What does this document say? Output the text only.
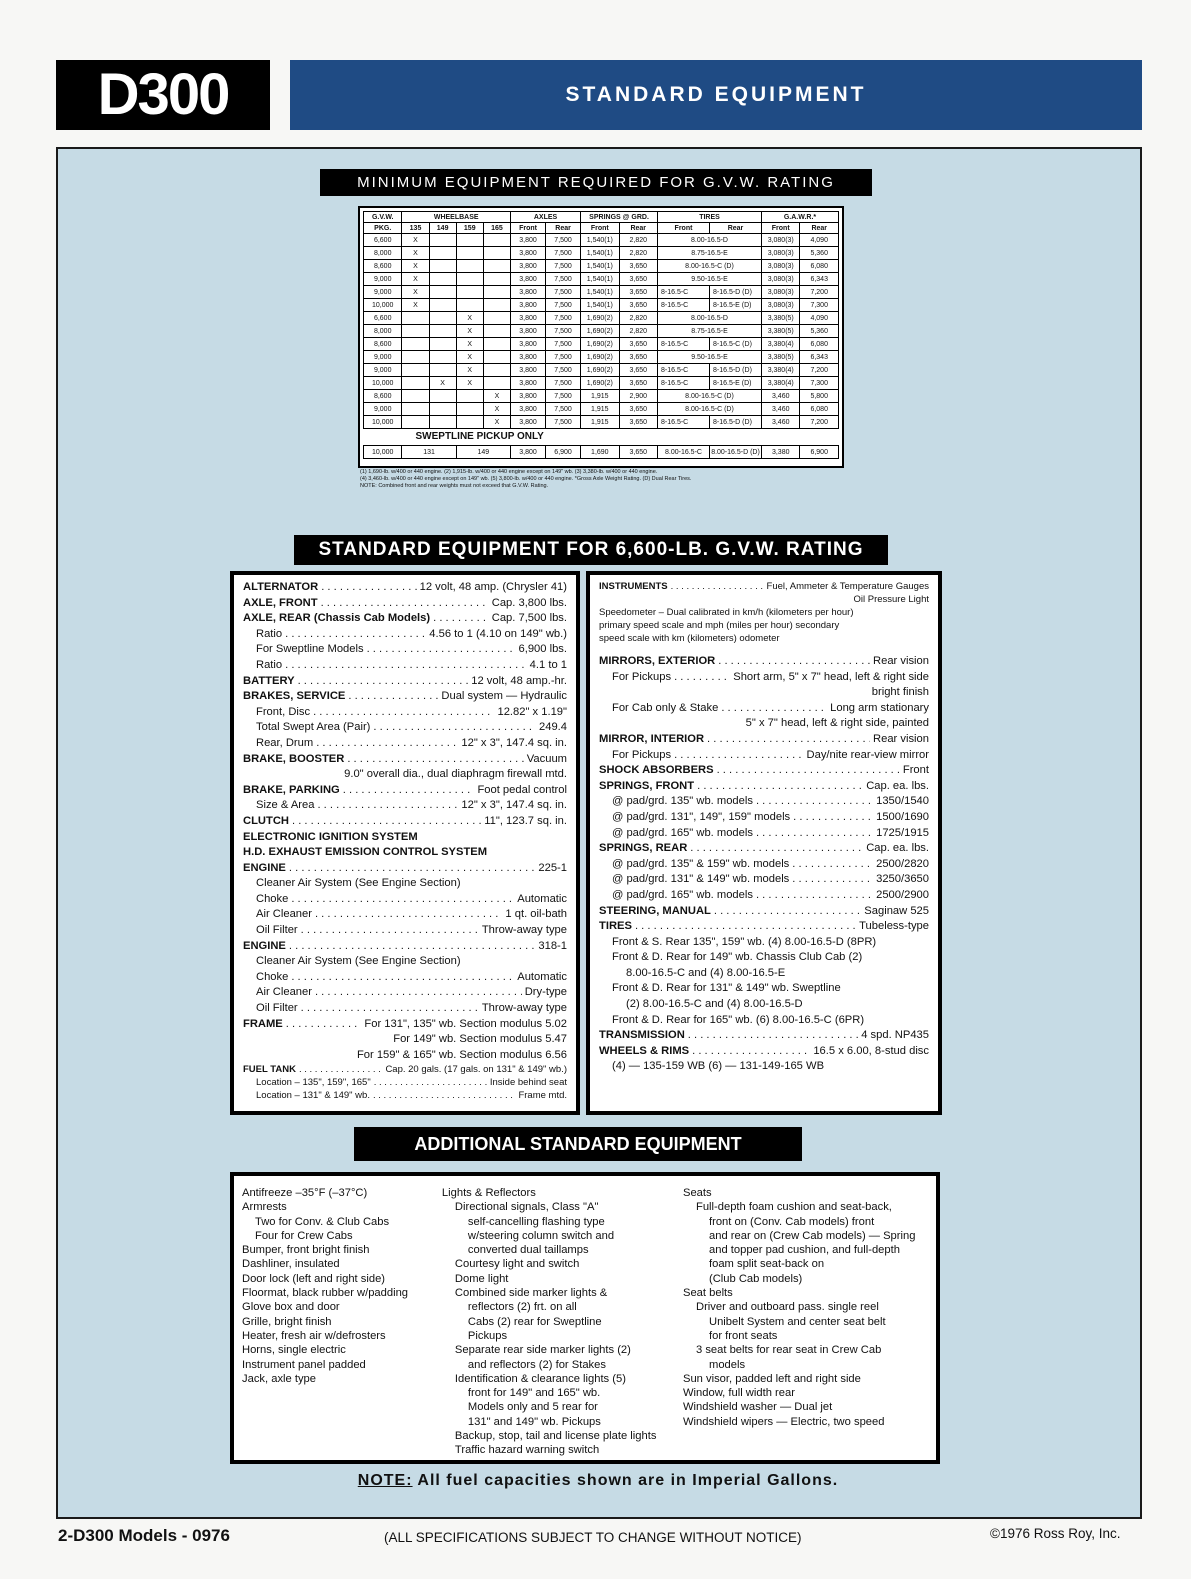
D300	STANDARD EQUIPMENT
MINIMUM EQUIPMENT REQUIRED FOR G.V.W. RATING
G.V.W.	WHEELBASE				AXLES		SPRINGS @ GRD.		TIRES		G.A.W.R.*	
PKG.	135	149	159	165	Front	Rear	Front	Rear	Front	Rear	Front	Rear
6,600	X				3,800	7,500	1,540(1)	2,820	8.00-16.5-D		3,080(3)	4,090
8,000	X				3,800	7,500	1,540(1)	2,820	8.75-16.5-E		3,080(3)	5,360
8,600	X				3,800	7,500	1,540(1)	3,650	8.00-16.5-C (D)		3,080(3)	6,080
9,000	X				3,800	7,500	1,540(1)	3,650	9.50-16.5-E		3,080(3)	6,343
9,000	X				3,800	7,500	1,540(1)	3,650	8-16.5-C	8-16.5-D (D)	3,080(3)	7,200
10,000	X				3,800	7,500	1,540(1)	3,650	8-16.5-C	8-16.5-E (D)	3,080(3)	7,300
6,600			X		3,800	7,500	1,690(2)	2,820	8.00-16.5-D		3,380(5)	4,090
8,000			X		3,800	7,500	1,690(2)	2,820	8.75-16.5-E		3,380(5)	5,360
8,600			X		3,800	7,500	1,690(2)	3,650	8-16.5-C	8-16.5-C (D)	3,380(4)	6,080
9,000			X		3,800	7,500	1,690(2)	3,650	9.50-16.5-E		3,380(5)	6,343
9,000			X		3,800	7,500	1,690(2)	3,650	8-16.5-C	8-16.5-D (D)	3,380(4)	7,200
10,000		X	X		3,800	7,500	1,690(2)	3,650	8-16.5-C	8-16.5-E (D)	3,380(4)	7,300
8,600				X	3,800	7,500	1,915	2,900	8.00-16.5-C (D)		3,460	5,800
9,000				X	3,800	7,500	1,915	3,650	8.00-16.5-C (D)		3,460	6,080
10,000				X	3,800	7,500	1,915	3,650	8-16.5-C	8-16.5-D (D)	3,460	7,200
SWEPTLINE PICKUP ONLY												
10,000	131		149		3,800	6,900	1,690	3,650	8.00-16.5-C	8.00-16.5-D (D)	3,380	6,900
(1) 1,690-lb. w/400 or 440 engine. (2) 1,915-lb. w/400 or 440 engine except on 149" wb. (3) 3,380-lb. w/400 or 440 engine.
(4) 3,460-lb. w/400 or 440 engine except on 149" wb. (5) 3,800-lb. w/400 or 440 engine. *Gross Axle Weight Rating. (D) Dual Rear Tires.
NOTE: Combined front and rear weights must not exceed that G.V.W. Rating.
STANDARD EQUIPMENT FOR 6,600-LB. G.V.W. RATING
ALTERNATOR . . .	12 volt, 48 amp. (Chrysler 41)
AXLE, FRONT . . .	Cap. 3,800 lbs.
AXLE, REAR (Chassis Cab Models) . . .	Cap. 7,500 lbs.
Ratio . . .	4.56 to 1 (4.10 on 149" wb.)
For Sweptline Models . . .	6,900 lbs.
Ratio . . .	4.1 to 1
BATTERY . . .	12 volt, 48 amp.-hr.
BRAKES, SERVICE . . .	Dual system — Hydraulic
Front, Disc . . .	12.82" x 1.19"
Total Swept Area (Pair) . . .	249.4
Rear, Drum . . .	12" x 3", 147.4 sq. in.
BRAKE, BOOSTER . . .	Vacuum
9.0" overall dia., dual diaphragm firewall mtd.
BRAKE, PARKING . . .	Foot pedal control
Size & Area . . .	12" x 3", 147.4 sq. in.
CLUTCH . . .	11", 123.7 sq. in.
ELECTRONIC IGNITION SYSTEM
H.D. EXHAUST EMISSION CONTROL SYSTEM
ENGINE . . .	225-1
Cleaner Air System (See Engine Section)
Choke . . .	Automatic
Air Cleaner . . .	1 qt. oil-bath
Oil Filter . . .	Throw-away type
ENGINE . . .	318-1
Cleaner Air System (See Engine Section)
Choke . . .	Automatic
Air Cleaner . . .	Dry-type
Oil Filter . . .	Throw-away type
FRAME . . .	For 131", 135" wb. Section modulus 5.02
For 149" wb. Section modulus 5.47
For 159" & 165" wb. Section modulus 6.56
FUEL TANK . . .	Cap. 20 gals. (17 gals. on 131" & 149" wb.)
Location – 135", 159", 165" . . .	Inside behind seat
Location – 131" & 149" wb. . . .	Frame mtd.
INSTRUMENTS . . .	Fuel, Ammeter & Temperature Gauges
Oil Pressure Light
Speedometer – Dual calibrated in km/h (kilometers per hour)
primary speed scale and mph (miles per hour) secondary
speed scale with km (kilometers) odometer
MIRRORS, EXTERIOR . . .	Rear vision
For Pickups . . .	Short arm, 5" x 7" head, left & right side
bright finish
For Cab only & Stake . . .	Long arm stationary
5" x 7" head, left & right side, painted
MIRROR, INTERIOR . . .	Rear vision
For Pickups . . .	Day/nite rear-view mirror
SHOCK ABSORBERS . . .	Front
SPRINGS, FRONT . . .	Cap. ea. lbs.
@ pad/grd. 135" wb. models . . .	1350/1540
@ pad/grd. 131", 149", 159" models . . .	1500/1690
@ pad/grd. 165" wb. models . . .	1725/1915
SPRINGS, REAR . . .	Cap. ea. lbs.
@ pad/grd. 135" & 159" wb. models . . .	2500/2820
@ pad/grd. 131" & 149" wb. models . . .	3250/3650
@ pad/grd. 165" wb. models . . .	2500/2900
STEERING, MANUAL . . .	Saginaw 525
TIRES . . .	Tubeless-type
Front & S. Rear 135", 159" wb. (4) 8.00-16.5-D (8PR)
Front & D. Rear for 149" wb. Chassis Club Cab (2)
8.00-16.5-C and (4) 8.00-16.5-E
Front & D. Rear for 131" & 149" wb. Sweptline
(2) 8.00-16.5-C and (4) 8.00-16.5-D
Front & D. Rear for 165" wb. (6) 8.00-16.5-C (6PR)
TRANSMISSION . . .	4 spd. NP435
WHEELS & RIMS . . .	16.5 x 6.00, 8-stud disc
(4) — 135-159 WB (6) — 131-149-165 WB
ADDITIONAL STANDARD EQUIPMENT
Antifreeze –35°F (–37°C)
Armrests
Two for Conv. & Club Cabs
Four for Crew Cabs
Bumper, front bright finish
Dashliner, insulated
Door lock (left and right side)
Floormat, black rubber w/padding
Glove box and door
Grille, bright finish
Heater, fresh air w/defrosters
Horns, single electric
Instrument panel padded
Jack, axle type
Lights & Reflectors
Directional signals, Class "A"
self-cancelling flashing type
w/steering column switch and
converted dual taillamps
Courtesy light and switch
Dome light
Combined side marker lights &
reflectors (2) frt. on all
Cabs (2) rear for Sweptline
Pickups
Separate rear side marker lights (2)
and reflectors (2) for Stakes
Identification & clearance lights (5)
front for 149" and 165" wb.
Models only and 5 rear for
131" and 149" wb. Pickups
Backup, stop, tail and license plate lights
Traffic hazard warning switch
Seats
Full-depth foam cushion and seat-back,
front on (Conv. Cab models) front
and rear on (Crew Cab models) — Spring
and topper pad cushion, and full-depth
foam split seat-back on
(Club Cab models)
Seat belts
Driver and outboard pass. single reel
Unibelt System and center seat belt
for front seats
3 seat belts for rear seat in Crew Cab
models
Sun visor, padded left and right side
Window, full width rear
Windshield washer — Dual jet
Windshield wipers — Electric, two speed
NOTE: All fuel capacities shown are in Imperial Gallons.
2-D300 Models - 0976	(ALL SPECIFICATIONS SUBJECT TO CHANGE WITHOUT NOTICE)	©1976 Ross Roy, Inc.
